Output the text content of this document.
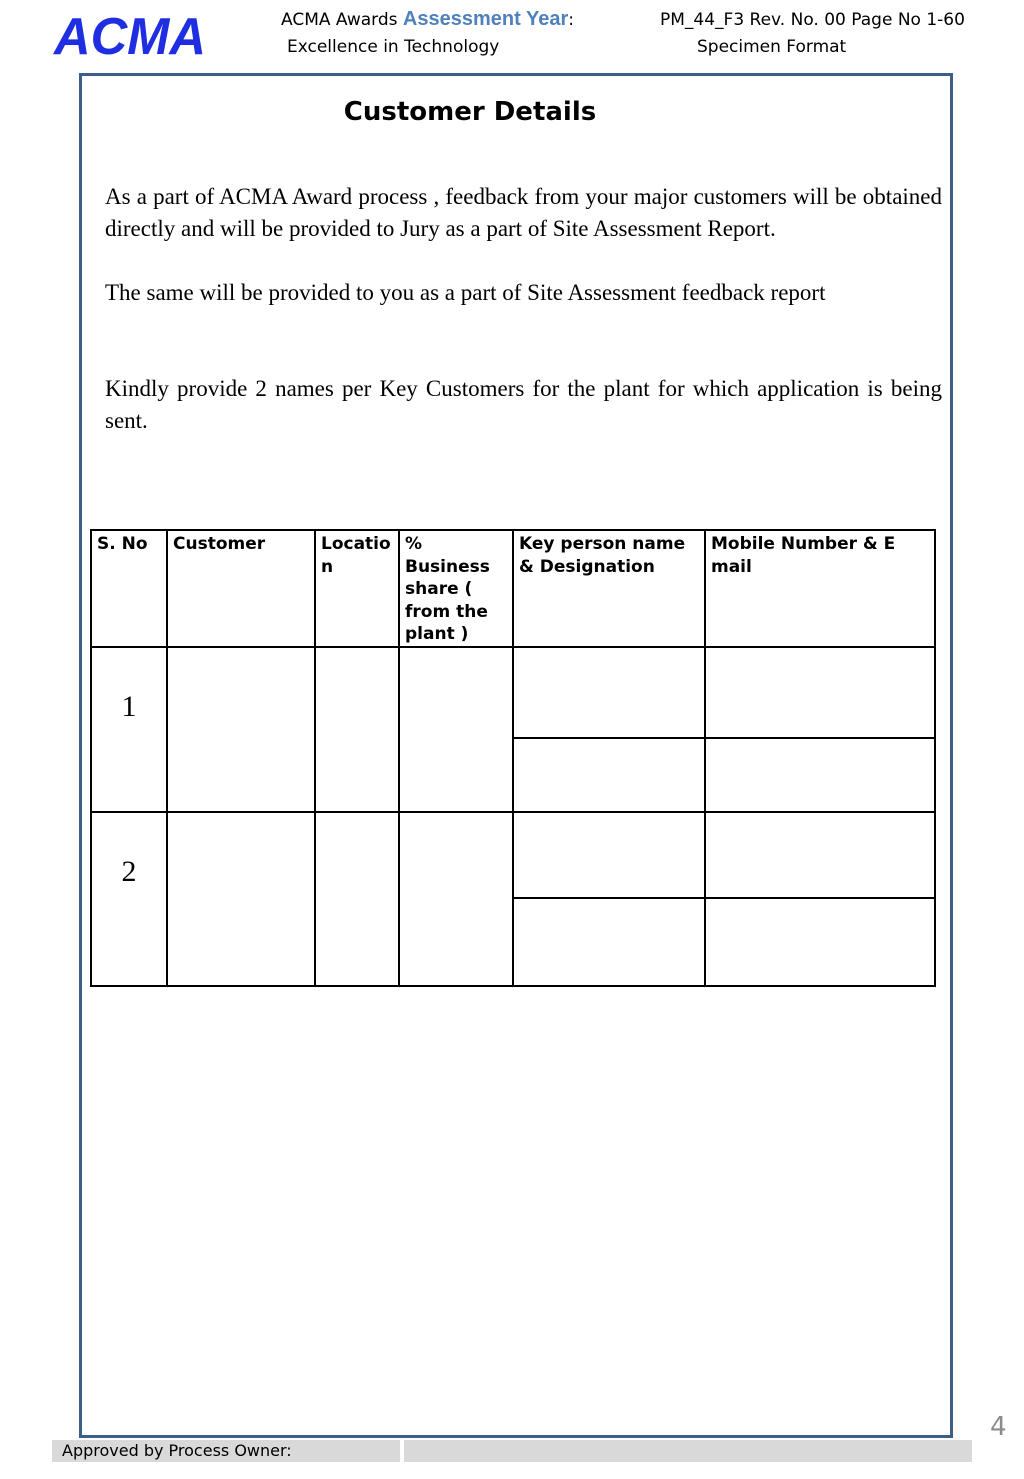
ACMA	ACMA Awards Assessment Year:	PM_44_F3 Rev. No. 00 Page No 1-60
Excellence in Technology	Specimen Format
Customer Details
As a part of ACMA Award process , feedback from your major customers will be obtained directly and will be provided to Jury as a part of Site Assessment Report.
The same will be provided to you as a part of Site Assessment feedback report
Kindly provide 2 names per Key Customers for the plant for which application is being sent.
S. No	Customer	Location	% Business share ( from the plant )	Key person name & Designation	Mobile Number & E mail

1					

2					

4
Approved by Process Owner:
